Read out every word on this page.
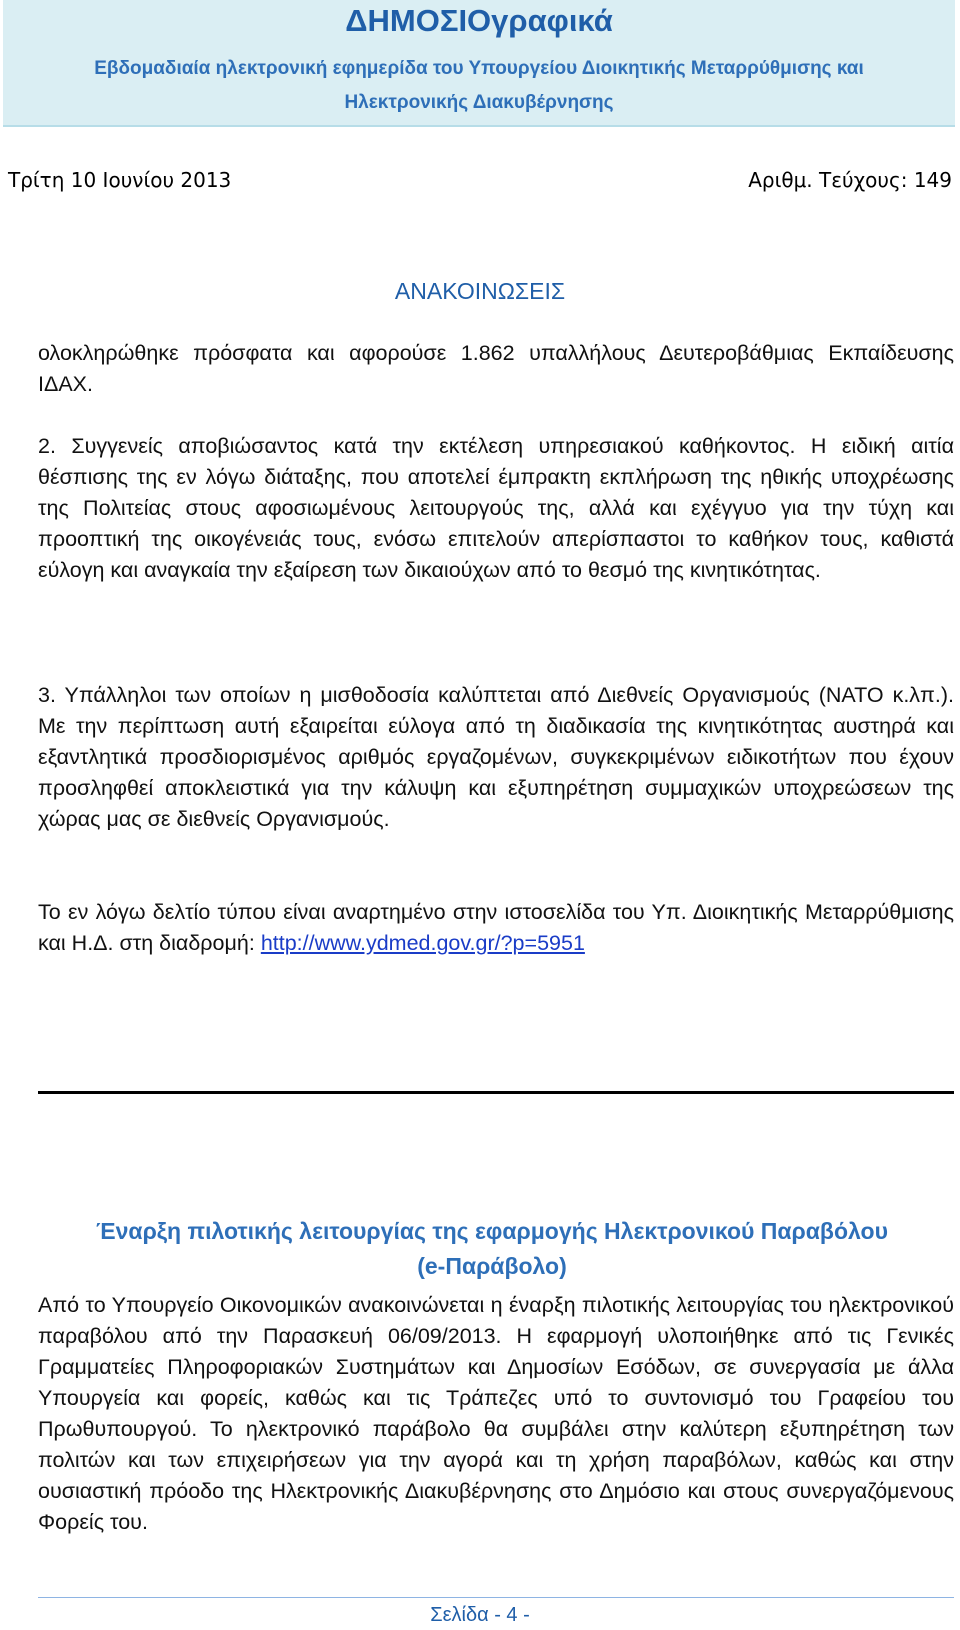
ΔΗΜΟΣΙΟγραφικά
Εβδομαδιαία ηλεκτρονική εφημερίδα του Υπουργείου Διοικητικής Μεταρρύθμισης και
Ηλεκτρονικής Διακυβέρνησης
Τρίτη 10 Ιουνίου 2013	Αριθμ. Τεύχους: 149
ΑΝΑΚΟΙΝΩΣΕΙΣ

ολοκληρώθηκε πρόσφατα και αφορούσε 1.862 υπαλλήλους Δευτεροβάθμιας Εκπαίδευσης ΙΔΑΧ.

2. Συγγενείς αποβιώσαντος κατά την εκτέλεση υπηρεσιακού καθήκοντος. Η ειδική αιτία θέσπισης της εν λόγω διάταξης, που αποτελεί έμπρακτη εκπλήρωση της ηθικής υποχρέωσης της Πολιτείας στους αφοσιωμένους λειτουργούς της, αλλά και εχέγγυο για την τύχη και προοπτική της οικογένειάς τους, ενόσω επιτελούν απερίσπαστοι το καθήκον τους, καθιστά εύλογη και αναγκαία την εξαίρεση των δικαιούχων από το θεσμό της κινητικότητας.

3. Υπάλληλοι των οποίων η μισθοδοσία καλύπτεται από Διεθνείς Οργανισμούς (ΝΑΤΟ κ.λπ.). Με την περίπτωση αυτή εξαιρείται εύλογα από τη διαδικασία της κινητικότητας αυστηρά και εξαντλητικά προσδιορισμένος αριθμός εργαζομένων, συγκεκριμένων ειδικοτήτων που έχουν προσληφθεί αποκλειστικά για την κάλυψη και εξυπηρέτηση συμμαχικών υποχρεώσεων της χώρας μας σε διεθνείς Οργανισμούς.

Το εν λόγω δελτίο τύπου είναι αναρτημένο στην ιστοσελίδα του Υπ. Διοικητικής Μεταρρύθμισης και Η.Δ. στη διαδρομή: http://www.ydmed.gov.gr/?p=5951

Έναρξη πιλοτικής λειτουργίας της εφαρμογής Ηλεκτρονικού Παραβόλου
(e-Παράβολο)

Από το Υπουργείο Οικονομικών ανακοινώνεται η έναρξη πιλοτικής λειτουργίας του ηλεκτρονικού παραβόλου από την Παρασκευή 06/09/2013. Η εφαρμογή υλοποιήθηκε από τις Γενικές Γραμματείες Πληροφοριακών Συστημάτων και Δημοσίων Εσόδων, σε συνεργασία με άλλα Υπουργεία και φορείς, καθώς και τις Τράπεζες υπό το συντονισμό του Γραφείου του Πρωθυπουργού. Το ηλεκτρονικό παράβολο θα συμβάλει στην καλύτερη εξυπηρέτηση των πολιτών και των επιχειρήσεων για την αγορά και τη χρήση παραβόλων, καθώς και στην ουσιαστική πρόοδο της Ηλεκτρονικής Διακυβέρνησης στο Δημόσιο και στους συνεργαζόμενους Φορείς του.

Σελίδα - 4 -
